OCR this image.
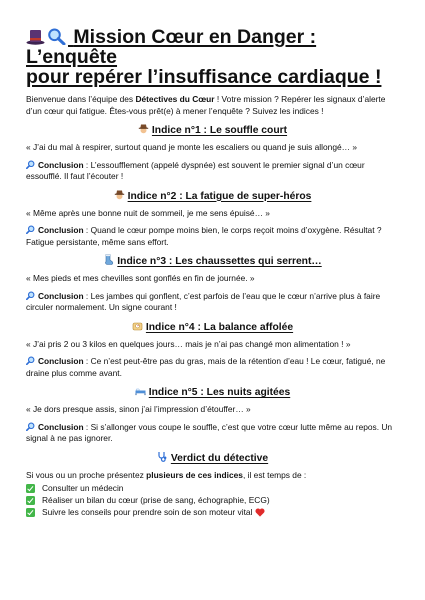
Mission Cœur en Danger : L’enquête
pour repérer l’insuffisance cardiaque !

Bienvenue dans l’équipe des Détectives du Cœur ! Votre mission ? Repérer les signaux d’alerte d’un cœur qui fatigue. Êtes-vous prêt(e) à mener l’enquête ? Suivez les indices !

Indice n°1 : Le souffle court

« J’ai du mal à respirer, surtout quand je monte les escaliers ou quand je suis allongé… »

Conclusion : L’essoufflement (appelé dyspnée) est souvent le premier signal d’un cœur essoufflé. Il faut l’écouter !

Indice n°2 : La fatigue de super-héros

« Même après une bonne nuit de sommeil, je me sens épuisé… »

Conclusion : Quand le cœur pompe moins bien, le corps reçoit moins d’oxygène. Résultat ? Fatigue persistante, même sans effort.

Indice n°3 : Les chaussettes qui serrent…

« Mes pieds et mes chevilles sont gonflés en fin de journée. »

Conclusion : Les jambes qui gonflent, c’est parfois de l’eau que le cœur n’arrive plus à faire circuler normalement. Un signe courant !

Indice n°4 : La balance affolée

« J’ai pris 2 ou 3 kilos en quelques jours… mais je n’ai pas changé mon alimentation ! »

Conclusion : Ce n’est peut-être pas du gras, mais de la rétention d’eau ! Le cœur, fatigué, ne draine plus comme avant.

Indice n°5 : Les nuits agitées

« Je dors presque assis, sinon j’ai l’impression d’étouffer… »

Conclusion : Si s’allonger vous coupe le souffle, c’est que votre cœur lutte même au repos. Un signal à ne pas ignorer.

Verdict du détective

Si vous ou un proche présentez plusieurs de ces indices, il est temps de :

Consulter un médecin
Réaliser un bilan du cœur (prise de sang, échographie, ECG)
Suivre les conseils pour prendre soin de son moteur vital
